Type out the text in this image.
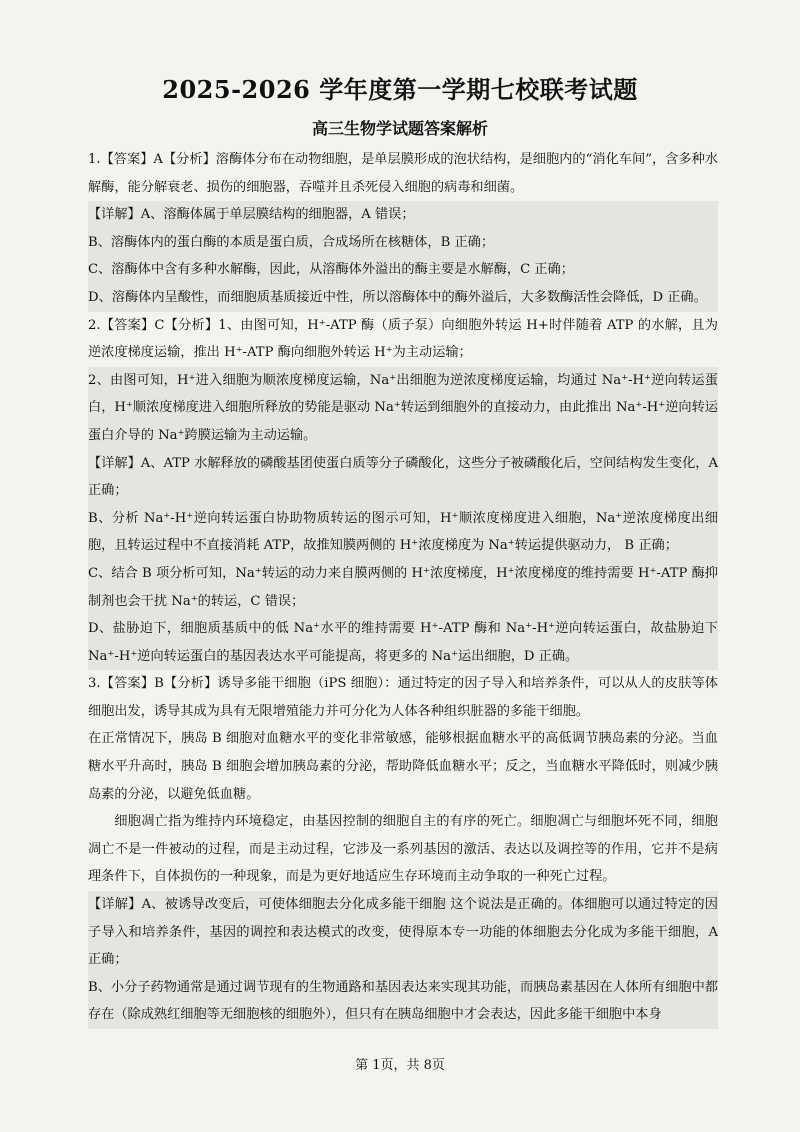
2025-2026 学年度第一学期七校联考试题
高三生物学试题答案解析

1.【答案】A【分析】溶酶体分布在动物细胞，是单层膜形成的泡状结构，是细胞内的“消化车间”，含多种水解酶，能分解衰老、损伤的细胞器，吞噬并且杀死侵入细胞的病毒和细菌。

【详解】A、溶酶体属于单层膜结构的细胞器，A 错误；

B、溶酶体内的蛋白酶的本质是蛋白质，合成场所在核糖体，B 正确；

C、溶酶体中含有多种水解酶，因此，从溶酶体外溢出的酶主要是水解酶，C 正确；

D、溶酶体内呈酸性，而细胞质基质接近中性，所以溶酶体中的酶外溢后，大多数酶活性会降低，D 正确。

2.【答案】C【分析】1、由图可知，H⁺-ATP 酶（质子泵）向细胞外转运 H+时伴随着 ATP 的水解，且为逆浓度梯度运输，推出 H⁺-ATP 酶向细胞外转运 H⁺为主动运输；

2、由图可知，H⁺进入细胞为顺浓度梯度运输，Na⁺出细胞为逆浓度梯度运输，均通过 Na⁺-H⁺逆向转运蛋白，H⁺顺浓度梯度进入细胞所释放的势能是驱动 Na⁺转运到细胞外的直接动力，由此推出 Na⁺-H⁺逆向转运蛋白介导的 Na⁺跨膜运输为主动运输。

【详解】A、ATP 水解释放的磷酸基团使蛋白质等分子磷酸化，这些分子被磷酸化后，空间结构发生变化，A 正确；

B、分析 Na⁺-H⁺逆向转运蛋白协助物质转运的图示可知，H⁺顺浓度梯度进入细胞，Na⁺逆浓度梯度出细胞，且转运过程中不直接消耗 ATP，故推知膜两侧的 H⁺浓度梯度为 Na⁺转运提供驱动力， B 正确；

C、结合 B 项分析可知，Na⁺转运的动力来自膜两侧的 H⁺浓度梯度，H⁺浓度梯度的维持需要 H⁺-ATP 酶抑制剂也会干扰 Na⁺的转运，C 错误；

D、盐胁迫下，细胞质基质中的低 Na⁺水平的维持需要 H⁺-ATP 酶和 Na⁺-H⁺逆向转运蛋白，故盐胁迫下 Na⁺-H⁺逆向转运蛋白的基因表达水平可能提高，将更多的 Na⁺运出细胞，D 正确。

3.【答案】B【分析】诱导多能干细胞（iPS 细胞）：通过特定的因子导入和培养条件，可以从人的皮肤等体细胞出发，诱导其成为具有无限增殖能力并可分化为人体各种组织脏器的多能干细胞。

在正常情况下，胰岛 B 细胞对血糖水平的变化非常敏感，能够根据血糖水平的高低调节胰岛素的分泌。当血糖水平升高时，胰岛 B 细胞会增加胰岛素的分泌，帮助降低血糖水平；反之，当血糖水平降低时，则减少胰岛素的分泌，以避免低血糖。

细胞凋亡指为维持内环境稳定，由基因控制的细胞自主的有序的死亡。细胞凋亡与细胞坏死不同，细胞凋亡不是一件被动的过程，而是主动过程，它涉及一系列基因的激活、表达以及调控等的作用，它并不是病理条件下，自体损伤的一种现象，而是为更好地适应生存环境而主动争取的一种死亡过程。

【详解】A、被诱导改变后，可使体细胞去分化成多能干细胞 这个说法是正确的。体细胞可以通过特定的因子导入和培养条件，基因的调控和表达模式的改变，使得原本专一功能的体细胞去分化成为多能干细胞，A 正确；

B、小分子药物通常是通过调节现有的生物通路和基因表达来实现其功能，而胰岛素基因在人体所有细胞中都存在（除成熟红细胞等无细胞核的细胞外），但只有在胰岛细胞中才会表达，因此多能干细胞中本身

第 1页，共 8页
